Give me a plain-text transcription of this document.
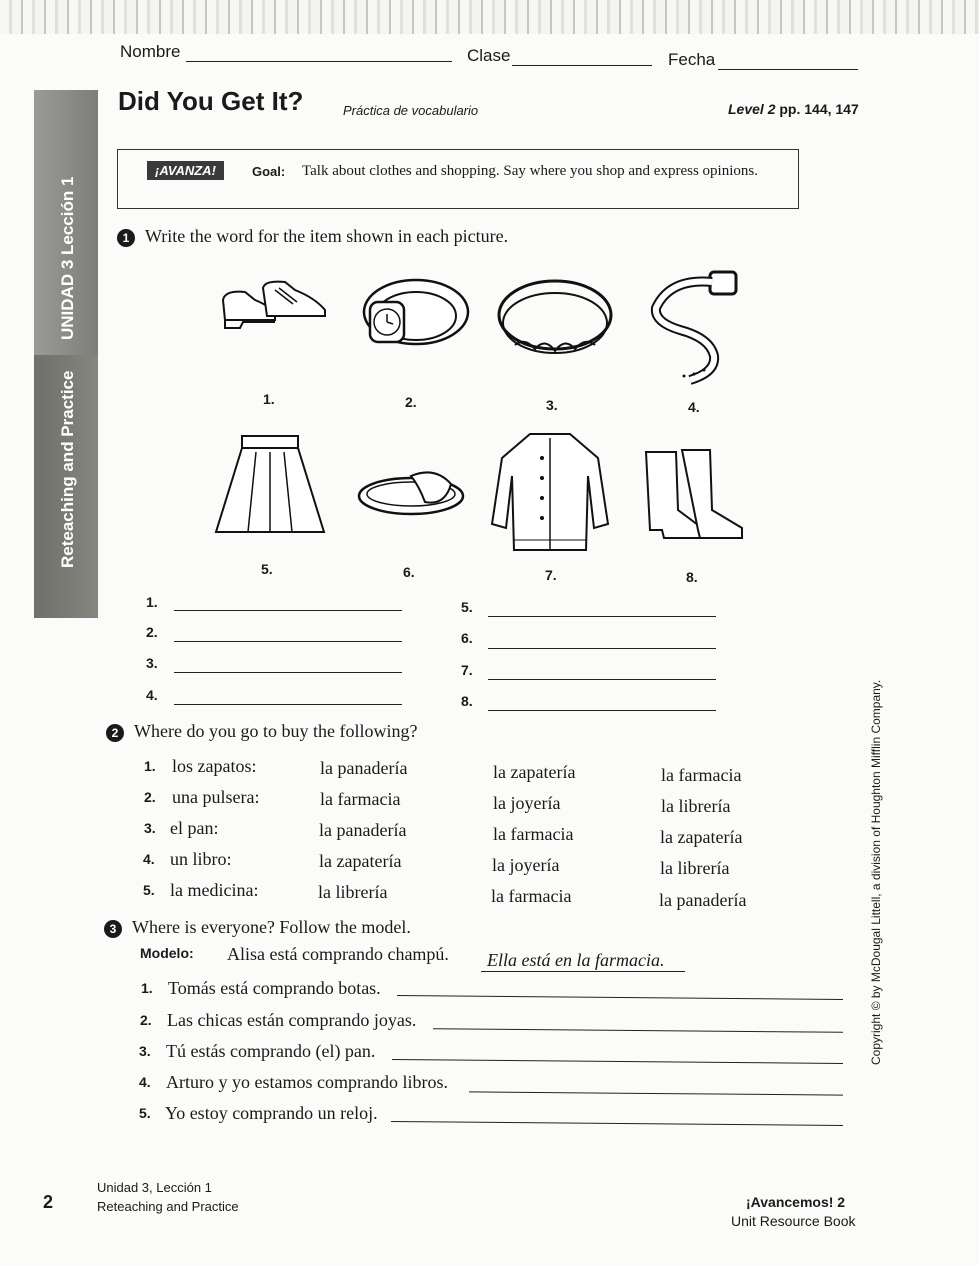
Nombre	Clase	Fecha
Did You Get It?	Práctica de vocabulario	Level 2 pp. 144, 147
UNIDAD 3 Lección 1
Reteaching and Practice
¡AVANZA!	Goal: Talk about clothes and shopping. Say where you shop and express opinions.
1 Write the word for the item shown in each picture.
1.	2.	3.	4.
5.	6.	7.	8.
1.
2.
3.
4.
5.
6.
7.
8.
2 Where do you go to buy the following?
1. los zapatos:	la panadería	la zapatería	la farmacia
2. una pulsera:	la farmacia	la joyería	la librería
3. el pan:	la panadería	la farmacia	la zapatería
4. un libro:	la zapatería	la joyería	la librería
5. la medicina:	la librería	la farmacia	la panadería
3 Where is everyone? Follow the model.
Modelo: Alisa está comprando champú.	Ella está en la farmacia.
1. Tomás está comprando botas.
2. Las chicas están comprando joyas.
3. Tú estás comprando (el) pan.
4. Arturo y yo estamos comprando libros.
5. Yo estoy comprando un reloj.
Copyright © by McDougal Littell, a division of Houghton Mifflin Company.
2
Unidad 3, Lección 1
Reteaching and Practice	¡Avancemos! 2
Unit Resource Book
